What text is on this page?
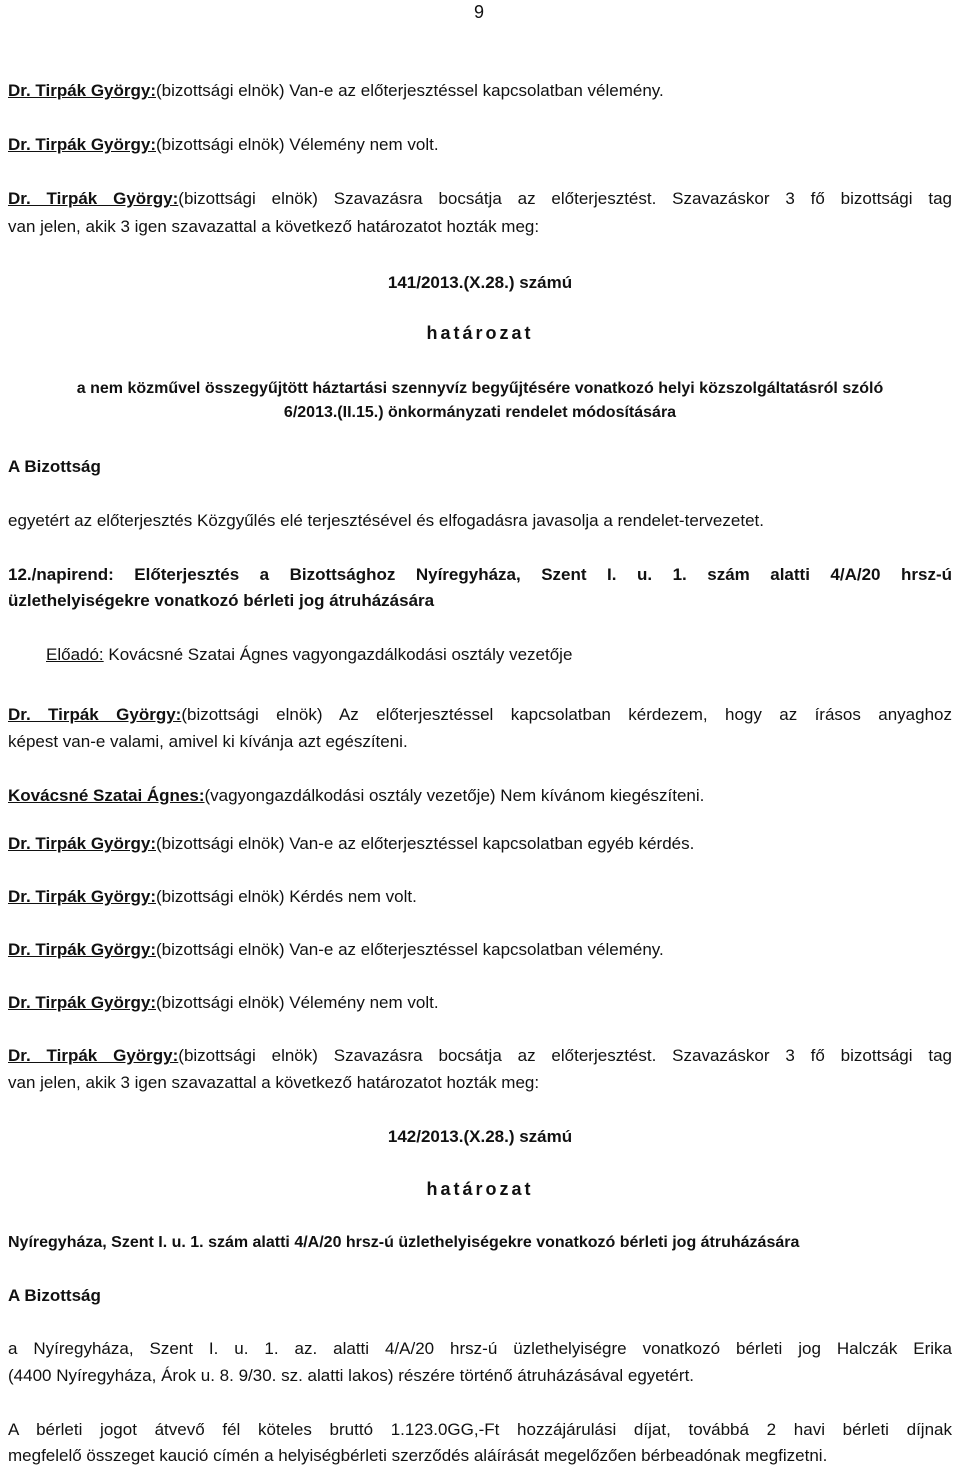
9
Dr. Tirpák György:(bizottsági elnök) Van-e az előterjesztéssel kapcsolatban vélemény.
Dr. Tirpák György:(bizottsági elnök) Vélemény nem volt.
Dr. Tirpák György:(bizottsági elnök) Szavazásra bocsátja az előterjesztést. Szavazáskor 3 fő bizottsági tag
van jelen, akik 3 igen szavazattal a következő határozatot hozták meg:
141/2013.(X.28.) számú
határozat
a nem közművel összegyűjtött háztartási szennyvíz begyűjtésére vonatkozó helyi közszolgáltatásról szóló
6/2013.(II.15.) önkormányzati rendelet módosítására
A Bizottság
egyetért az előterjesztés Közgyűlés elé terjesztésével és elfogadásra javasolja a rendelet-tervezetet.
12./napirend: Előterjesztés a Bizottsághoz Nyíregyháza, Szent I. u. 1. szám alatti 4/A/20 hrsz-ú
üzlethelyiségekre vonatkozó bérleti jog átruházására
Előadó: Kovácsné Szatai Ágnes vagyongazdálkodási osztály vezetője
Dr. Tirpák György:(bizottsági elnök) Az előterjesztéssel kapcsolatban kérdezem, hogy az írásos anyaghoz
képest van-e valami, amivel ki kívánja azt egészíteni.
Kovácsné Szatai Ágnes:(vagyongazdálkodási osztály vezetője) Nem kívánom kiegészíteni.
Dr. Tirpák György:(bizottsági elnök) Van-e az előterjesztéssel kapcsolatban egyéb kérdés.
Dr. Tirpák György:(bizottsági elnök) Kérdés nem volt.
Dr. Tirpák György:(bizottsági elnök) Van-e az előterjesztéssel kapcsolatban vélemény.
Dr. Tirpák György:(bizottsági elnök) Vélemény nem volt.
Dr. Tirpák György:(bizottsági elnök) Szavazásra bocsátja az előterjesztést. Szavazáskor 3 fő bizottsági tag
van jelen, akik 3 igen szavazattal a következő határozatot hozták meg:
142/2013.(X.28.) számú
határozat
Nyíregyháza, Szent I. u. 1. szám alatti 4/A/20 hrsz-ú üzlethelyiségekre vonatkozó bérleti jog átruházására
A Bizottság
a Nyíregyháza, Szent I. u. 1. az. alatti 4/A/20 hrsz-ú üzlethelyiségre vonatkozó bérleti jog Halczák Erika
(4400 Nyíregyháza, Árok u. 8. 9/30. sz. alatti lakos) részére történő átruházásával egyetért.
A bérleti jogot átvevő fél köteles bruttó 1.123.0GG,-Ft hozzájárulási díjat, továbbá 2 havi bérleti díjnak
megfelelő összeget kaució címén a helyiségbérleti szerződés aláírását megelőzően bérbeadónak megfizetni.
